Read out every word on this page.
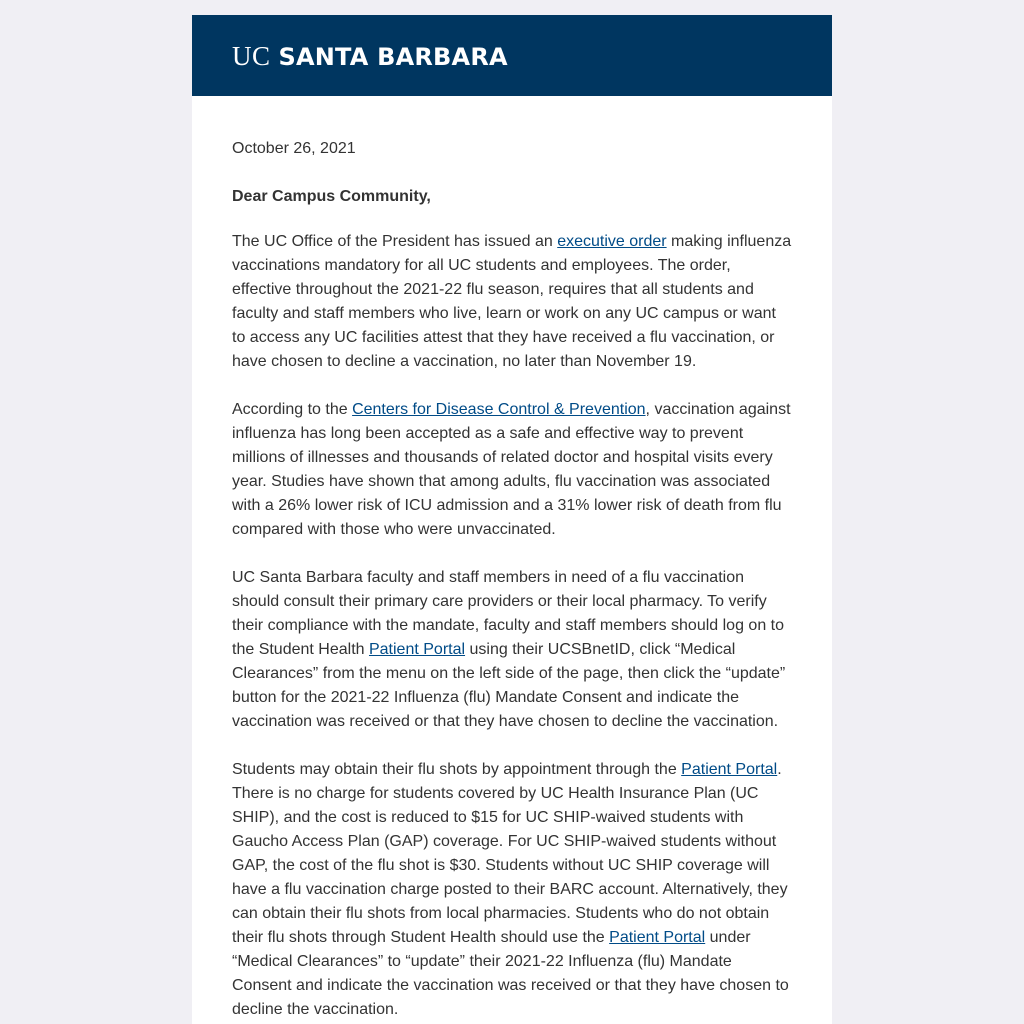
UC SANTA BARBARA

October 26, 2021

Dear Campus Community,

The UC Office of the President has issued an executive order making influenza vaccinations mandatory for all UC students and employees. The order, effective throughout the 2021-22 flu season, requires that all students and faculty and staff members who live, learn or work on any UC campus or want to access any UC facilities attest that they have received a flu vaccination, or have chosen to decline a vaccination, no later than November 19.

According to the Centers for Disease Control & Prevention, vaccination against influenza has long been accepted as a safe and effective way to prevent millions of illnesses and thousands of related doctor and hospital visits every year. Studies have shown that among adults, flu vaccination was associated with a 26% lower risk of ICU admission and a 31% lower risk of death from flu compared with those who were unvaccinated.

UC Santa Barbara faculty and staff members in need of a flu vaccination should consult their primary care providers or their local pharmacy. To verify their compliance with the mandate, faculty and staff members should log on to the Student Health Patient Portal using their UCSBnetID, click “Medical Clearances” from the menu on the left side of the page, then click the “update” button for the 2021-22 Influenza (flu) Mandate Consent and indicate the vaccination was received or that they have chosen to decline the vaccination.

Students may obtain their flu shots by appointment through the Patient Portal. There is no charge for students covered by UC Health Insurance Plan (UC SHIP), and the cost is reduced to $15 for UC SHIP-waived students with Gaucho Access Plan (GAP) coverage. For UC SHIP-waived students without GAP, the cost of the flu shot is $30. Students without UC SHIP coverage will have a flu vaccination charge posted to their BARC account. Alternatively, they can obtain their flu shots from local pharmacies. Students who do not obtain their flu shots through Student Health should use the Patient Portal under “Medical Clearances” to “update” their 2021-22 Influenza (flu) Mandate Consent and indicate the vaccination was received or that they have chosen to decline the vaccination.
